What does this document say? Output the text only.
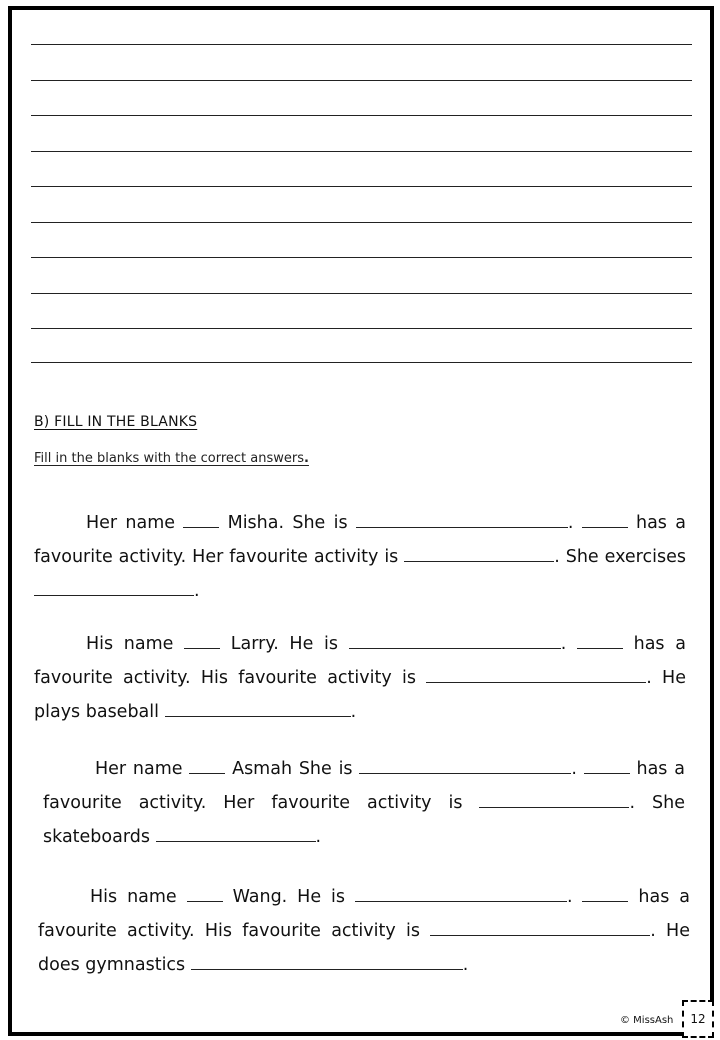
B) FILL IN THE BLANKS
Fill in the blanks with the correct answers.
Her name	Misha. She is	.	has a favourite activity. Her favourite activity is	. She exercises .
His name	Larry. He is	.	has a favourite activity. His favourite activity is	. He plays baseball	.
Her name	Asmah She is	.	has a favourite activity. Her favourite activity is	. She skateboards	.
His name	Wang. He is	.	has a favourite activity. His favourite activity is	. He does gymnastics	.
© MissAsh	12
